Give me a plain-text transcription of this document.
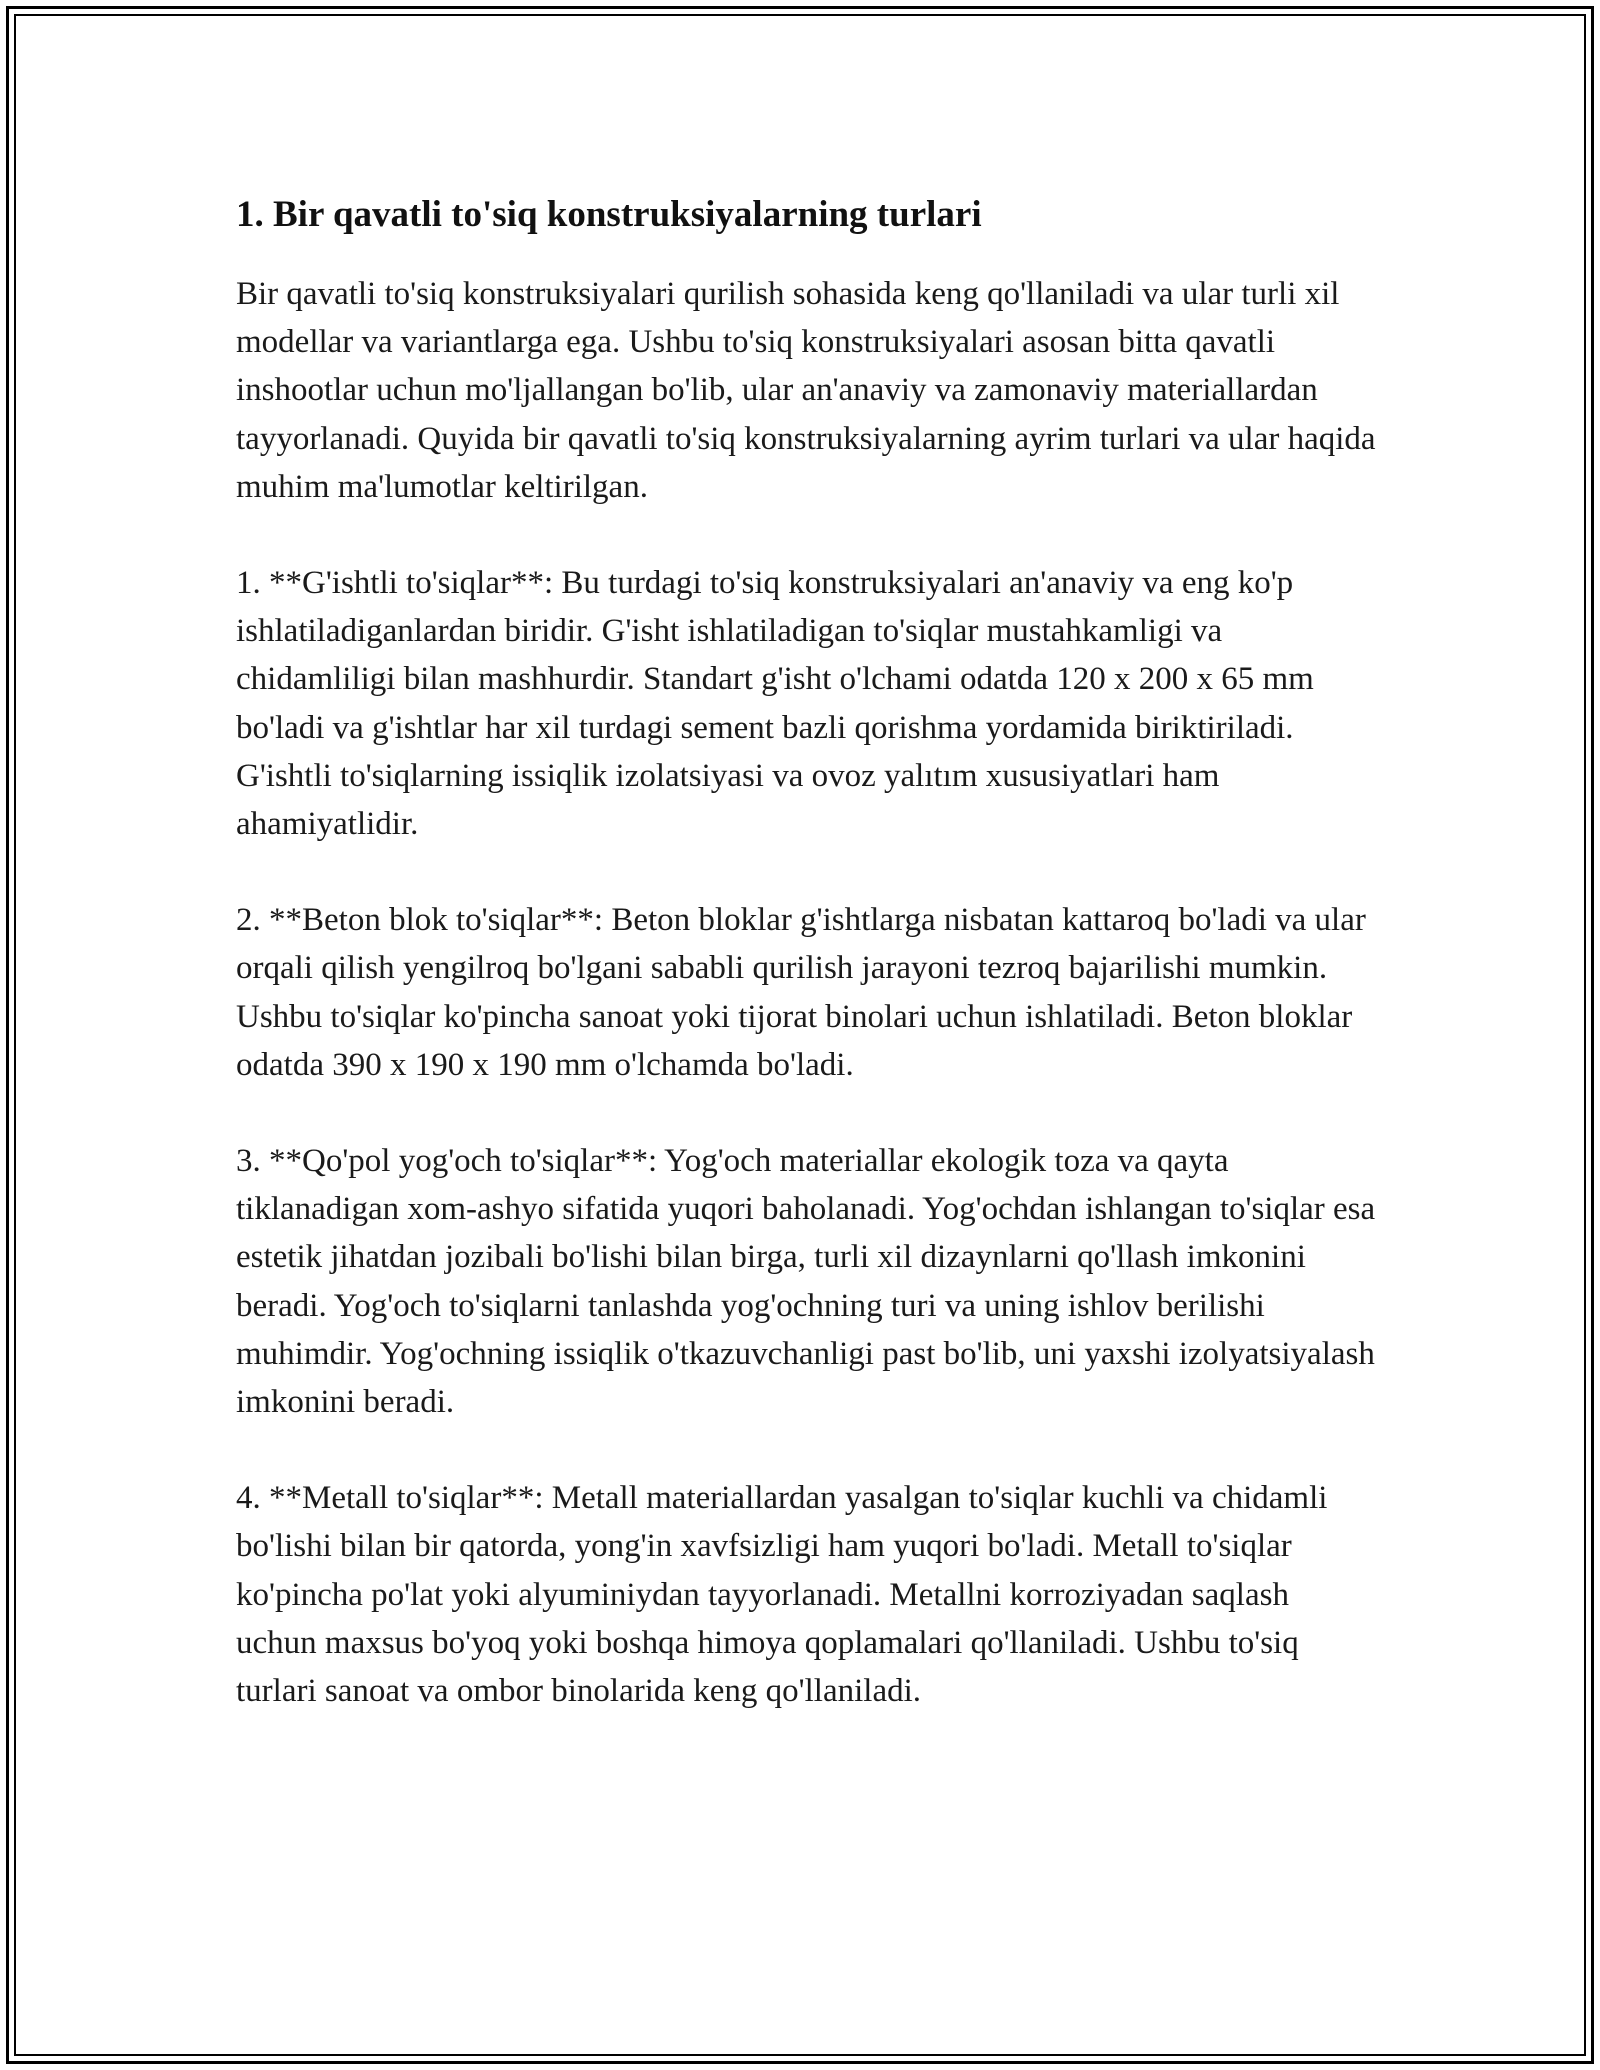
1. Bir qavatli to'siq konstruksiyalarning turlari

Bir qavatli to'siq konstruksiyalari qurilish sohasida keng qo'llaniladi va ular turli xil modellar va variantlarga ega. Ushbu to'siq konstruksiyalari asosan bitta qavatli inshootlar uchun mo'ljallangan bo'lib, ular an'anaviy va zamonaviy materiallardan tayyorlanadi. Quyida bir qavatli to'siq konstruksiyalarning ayrim turlari va ular haqida muhim ma'lumotlar keltirilgan.

1. **G'ishtli to'siqlar**: Bu turdagi to'siq konstruksiyalari an'anaviy va eng ko'p ishlatiladiganlardan biridir. G'isht ishlatiladigan to'siqlar mustahkamligi va chidamliligi bilan mashhurdir. Standart g'isht o'lchami odatda 120 x 200 x 65 mm bo'ladi va g'ishtlar har xil turdagi sement bazli qorishma yordamida biriktiriladi. G'ishtli to'siqlarning issiqlik izolatsiyasi va ovoz yalıtım xususiyatlari ham ahamiyatlidir.

2. **Beton blok to'siqlar**: Beton bloklar g'ishtlarga nisbatan kattaroq bo'ladi va ular orqali qilish yengilroq bo'lgani sababli qurilish jarayoni tezroq bajarilishi mumkin. Ushbu to'siqlar ko'pincha sanoat yoki tijorat binolari uchun ishlatiladi. Beton bloklar odatda 390 x 190 x 190 mm o'lchamda bo'ladi.

3. **Qo'pol yog'och to'siqlar**: Yog'och materiallar ekologik toza va qayta tiklanadigan xom-ashyo sifatida yuqori baholanadi. Yog'ochdan ishlangan to'siqlar esa estetik jihatdan jozibali bo'lishi bilan birga, turli xil dizaynlarni qo'llash imkonini beradi. Yog'och to'siqlarni tanlashda yog'ochning turi va uning ishlov berilishi muhimdir. Yog'ochning issiqlik o'tkazuvchanligi past bo'lib, uni yaxshi izolyatsiyalash imkonini beradi.

4. **Metall to'siqlar**: Metall materiallardan yasalgan to'siqlar kuchli va chidamli bo'lishi bilan bir qatorda, yong'in xavfsizligi ham yuqori bo'ladi. Metall to'siqlar ko'pincha po'lat yoki alyuminiydan tayyorlanadi. Metallni korroziyadan saqlash uchun maxsus bo'yoq yoki boshqa himoya qoplamalari qo'llaniladi. Ushbu to'siq turlari sanoat va ombor binolarida keng qo'llaniladi.
